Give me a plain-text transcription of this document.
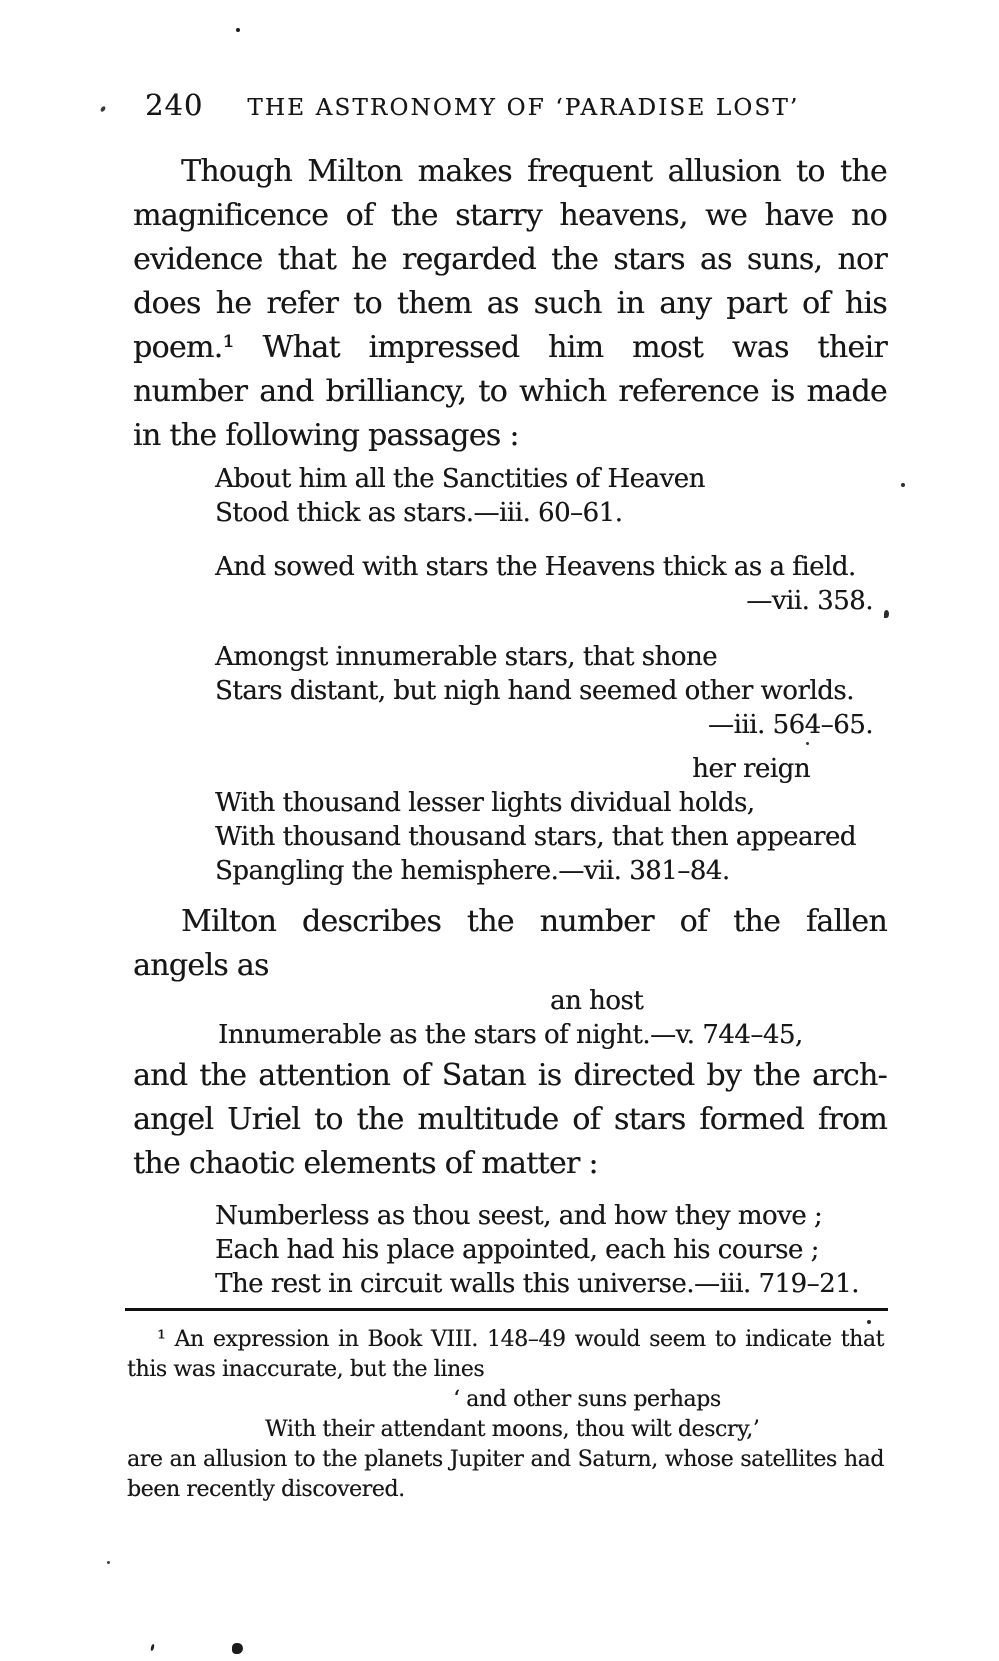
240 THE ASTRONOMY OF ‘PARADISE LOST’
Though Milton makes frequent allusion to the
magnificence of the starry heavens, we have no
evidence that he regarded the stars as suns, nor
does he refer to them as such in any part of his
poem.¹ What impressed him most was their
number and brilliancy, to which reference is made
in the following passages :
About him all the Sanctities of Heaven
Stood thick as stars.—iii. 60–61.
And sowed with stars the Heavens thick as a field.
—vii. 358.
Amongst innumerable stars, that shone
Stars distant, but nigh hand seemed other worlds.
—iii. 564–65.
her reign
With thousand lesser lights dividual holds,
With thousand thousand stars, that then appeared
Spangling the hemisphere.—vii. 381–84.
Milton describes the number of the fallen
angels as
an host
Innumerable as the stars of night.—v. 744–45,
and the attention of Satan is directed by the arch-
angel Uriel to the multitude of stars formed from
the chaotic elements of matter :
Numberless as thou seest, and how they move ;
Each had his place appointed, each his course ;
The rest in circuit walls this universe.—iii. 719–21.
¹ An expression in Book VIII. 148–49 would seem to indicate that
this was inaccurate, but the lines
‘ and other suns perhaps
With their attendant moons, thou wilt descry,’
are an allusion to the planets Jupiter and Saturn, whose satellites had
been recently discovered.
